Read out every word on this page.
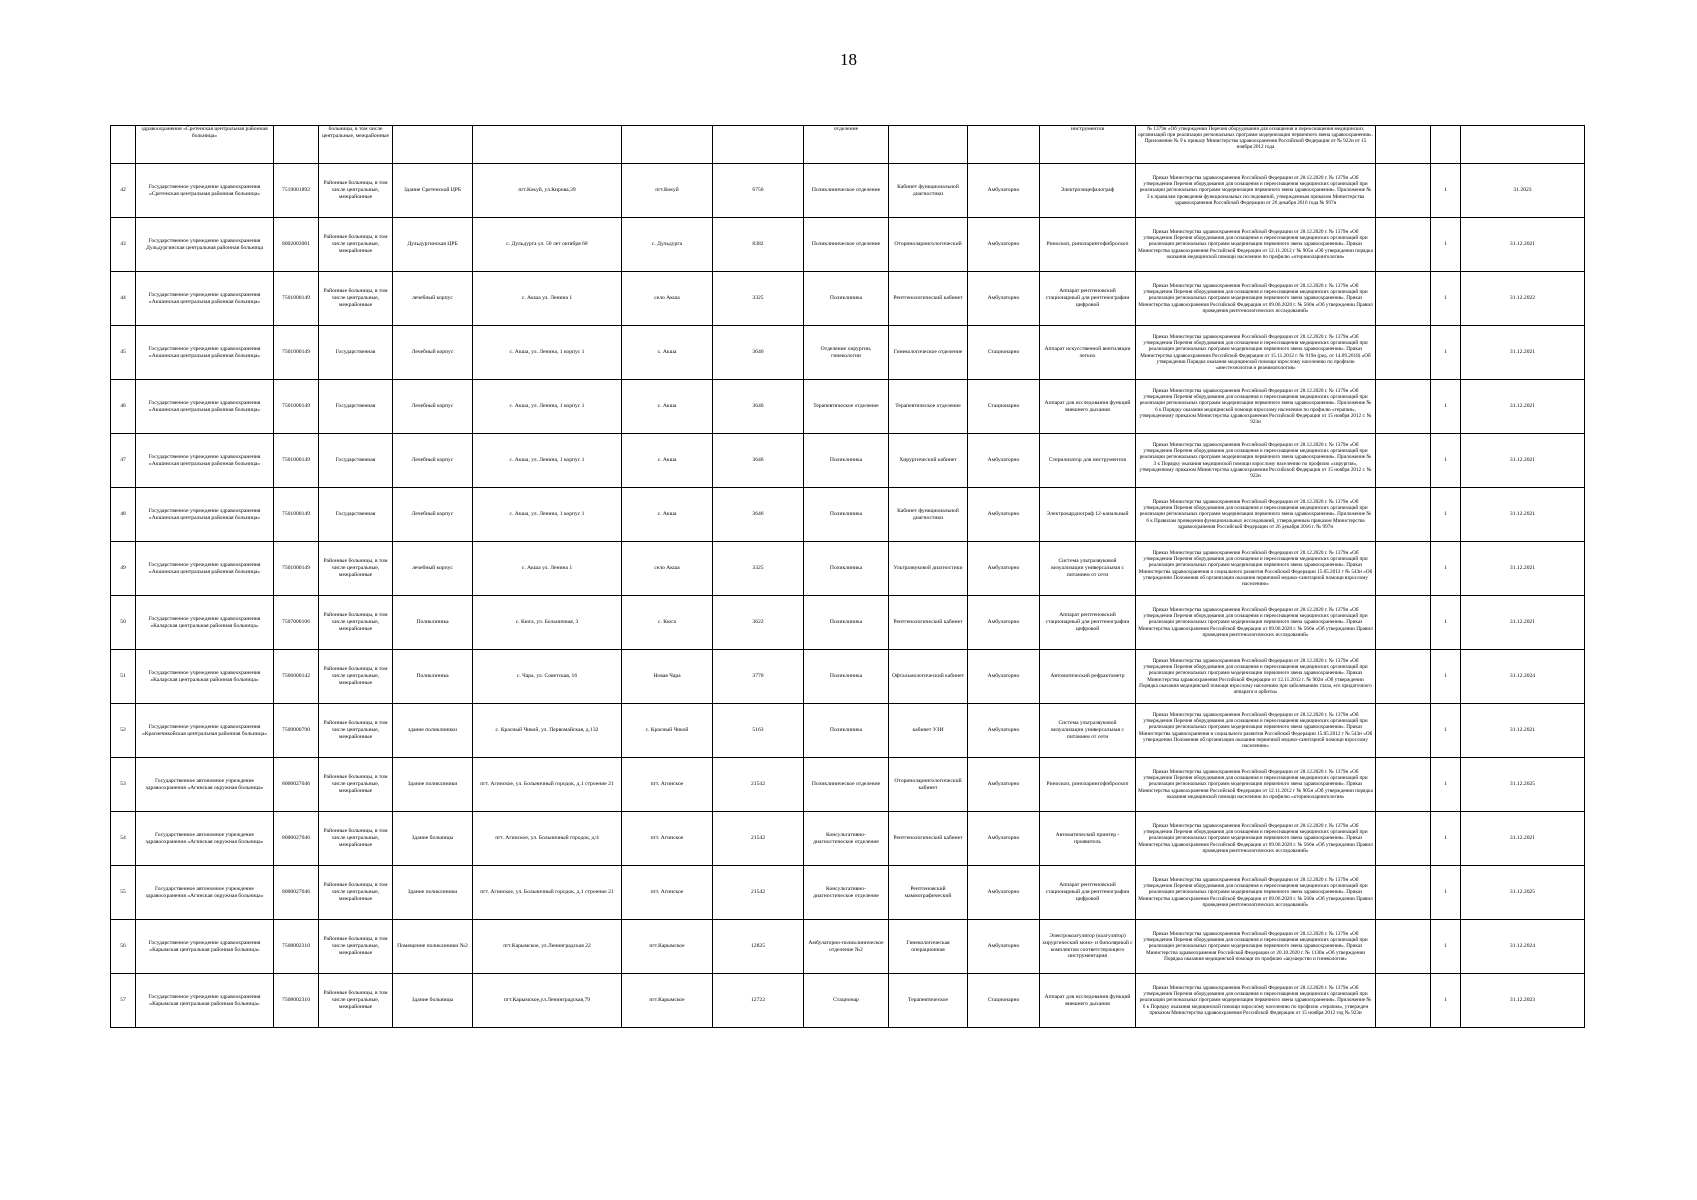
18
	здравоохранения «Сретенская центральная районная больница»		больницы, в том числе центральные, межрайонные					отделение			инструментов	№ 1379н «Об утверждении Перечня оборудования для оснащения и переоснащения медицинских организаций при реализации региональных программ модернизации первичного звена здравоохранения». Приложение № 9 к приказу Министерства здравоохранения Российской Федерации от № 922н от 15 ноября 2012 года			
42	Государственное учреждение здравоохранения «Сретенская центральная районная больница»	7519001892	Районные больницы, в том числе центральные, межрайонные	Здание Сретенской ЦРБ	пгт.Кокуй, ул.Кирова,39	пгт.Кокуй	6756	Поликлиническое отделение	Кабинет функциональной диагностики	Амбулаторно	Электроэнцефалограф	Приказ Министерства здравоохранения Российской Федерации от 28.12.2020 г. № 1379н «Об утверждении Перечня оборудования для оснащения и переоснащения медицинских организаций при реализации региональных программ модернизации первичного звена здравоохранения». Приложение № 3 к правилам проведения функциональных исследований, утвержденным приказом Министерства здравоохранения Российской Федерации от 26 декабря 2016 года № 997н		1	31.2023
43	Государственное учреждение здравоохранения Дульдургинская центральная районная больница	8002003001	Районные больницы, в том числе центральные, межрайонные	Дульдургинская ЦРБ	с. Дульдурга ул. 50 лет октября 68	с. Дульдурга	8382	Поликлиническое отделение	Оториноларингологический	Амбулаторно	Риноскоп, риноларингофиброскоп	Приказ Министерства здравоохранения Российской Федерации от 28.12.2020 г. № 1379н «Об утверждении Перечня оборудования для оснащения и переоснащения медицинских организаций при реализации региональных программ модернизации первичного звена здравоохранения». Приказ Министерства здравоохранения Российской Федерации от 12.11.2012 г № 905н «Об утверждении порядка оказания медицинской помощи населению по профилю «оториноларингология»		1	31.12.2021
44	Государственное учреждение здравоохранения «Акшинская центральная районная больница»	7501000149	Районные больницы, в том числе центральные, межрайонные	лечебный корпус	с. Акша ул. Ленина 1	село Акша	3325	Поликлиника	Рентгенологический кабинет	Амбулаторно	Аппарат рентгеновский стационарный для рентгенографии цифровой	Приказ Министерства здравоохранения Российской Федерации от 28.12.2020 г. № 1379н «Об утверждении Перечня оборудования для оснащения и переоснащения медицинских организаций при реализации региональных программ модернизации первичного звена здравоохранения». Приказ Министерства здравоохранения Российской Федерации от 09.06.2020 г. № 560н «Об утверждении Правил проведения рентгенологических исследований»		1	31.12.2022
45	Государственное учреждение здравоохранения «Акшинская центральная районная больница»	7501000149	Государственная	Лечебный корпус	с. Акша, ул. Ленина, 1 корпус 1	с. Акша	3646	Отделение хирургии, гинекологии	Гинекологическое отделение	Стационарно	Аппарат искусственной вентиляции легких	Приказ Министерства здравоохранения Российской Федерации от 28.12.2020 г. № 1379н «Об утверждении Перечня оборудования для оснащения и переоснащения медицинских организаций при реализации региональных программ модернизации первичного звена здравоохранения». Приказ Министерства здравоохранения Российской Федерации от 15.11.2012 г. № 919н (ред. от 14.09.2018) «Об утверждении Порядка оказания медицинской помощи взрослому населению по профилю «анестезиология и реаниматология»		1	31.12.2021
46	Государственное учреждение здравоохранения «Акшинская центральная районная больница»	7501000149	Государственная	Лечебный корпус	с. Акша, ул. Ленина, 1 корпус 1	с. Акша	3646	Терапевтическое отделение	Терапевтическое отделение	Стационарно	Аппарат для исследования функций внешнего дыхания	Приказ Министерства здравоохранения Российской Федерации от 28.12.2020 г. № 1379н «Об утверждении Перечня оборудования для оснащения и переоснащения медицинских организаций при реализации региональных программ модернизации первичного звена здравоохранения». Приложение № 6 к Порядку оказания медицинской помощи взрослому населению по профилю «терапия», утвержденному приказом Министерства здравоохранения Российской Федерации от 15 ноября 2012 г. № 923н		1	31.12.2021
47	Государственное учреждение здравоохранения «Акшинская центральная районная больница»	7501000149	Государственная	Лечебный корпус	с. Акша, ул. Ленина, 1 корпус 1	с. Акша	3646	Поликлиника	Хирургический кабинет	Амбулаторно	Стерилизатор для инструментов	Приказ Министерства здравоохранения Российской Федерации от 28.12.2020 г. № 1379н «Об утверждении Перечня оборудования для оснащения и переоснащения медицинских организаций при реализации региональных программ модернизации первичного звена здравоохранения». Приложение № 3 к Порядку оказания медицинской помощи взрослому населению по профилю «хирургия», утвержденному приказом Министерства здравоохранения Российской Федерации от 15 ноября 2012 г. № 922н		1	31.12.2021
48	Государственное учреждение здравоохранения «Акшинская центральная районная больница»	7501000149	Государственная	Лечебный корпус	с. Акша, ул. Ленина, 1 корпус 1	с. Акша	3646	Поликлиника	Кабинет функциональной диагностики	Амбулаторно	Электрокардиограф 12-канальный	Приказ Министерства здравоохранения Российской Федерации от 28.12.2020 г. № 1379н «Об утверждении Перечня оборудования для оснащения и переоснащения медицинских организаций при реализации региональных программ модернизации первичного звена здравоохранения». Приложение № 6 к Правилам проведения функциональных исследований, утвержденным приказом Министерства здравоохранения Российской Федерации от 26 декабря 2016 г. № 997н		1	31.12.2021
49	Государственное учреждение здравоохранения «Акшинская центральная районная больница»	7501000149	Районные больницы, в том числе центральные, межрайонные	лечебный корпус	с. Акша ул. Ленина 1	село Акша	3325	Поликлиника	Ультразвуковой диагностики	Амбулаторно	Система ультразвуковой визуализации универсальная с питанием от сети	Приказ Министерства здравоохранения Российской Федерации от 28.12.2020 г. № 1379н «Об утверждении Перечня оборудования для оснащения и переоснащения медицинских организаций при реализации региональных программ модернизации первичного звена здравоохранения». Приказ Министерства здравоохранения и социального развития Российской Федерации 15.05.2012 г № 543н «Об утверждении Положения об организации оказания первичной медико-санитарной помощи взрослому населению»		1	31.12.2021
50	Государственное учреждение здравоохранения «Каларская центральная районная больница»	7507000106	Районные больницы, в том числе центральные, межрайонные	Поликлиника	с. Кюга, ул. Больничная, 3	с. Кюга	3622	Поликлиника	Рентгенологический кабинет	Амбулаторно	Аппарат рентгеновский стационарный для рентгенографии цифровой	Приказ Министерства здравоохранения Российской Федерации от 28.12.2020 г. № 1379н «Об утверждении Перечня оборудования для оснащения и переоснащения медицинских организаций при реализации региональных программ модернизации первичного звена здравоохранения». Приказ Министерства здравоохранения Российской Федерации от 09.06.2020 г. № 560н «Об утверждении Правил проведения рентгенологических исследований»		1	31.12.2021
51	Государственное учреждение здравоохранения «Каларская центральная районная больница»	7506000142	Районные больницы, в том числе центральные, межрайонные	Поликлиника	с. Чара, ул. Советская, 16	Новая Чара	3770	Поликлиника	Офтальмологический кабинет	Амбулаторно	Автоматический рефрактометр	Приказ Министерства здравоохранения Российской Федерации от 28.12.2020 г. № 1379н «Об утверждении Перечня оборудования для оснащения и переоснащения медицинских организаций при реализации региональных программ модернизации первичного звена здравоохранения». Приказ Министерства здравоохранения Российской Федерации от 12.11.2012 г. № 902н «Об утверждении Порядка оказания медицинской помощи взрослому населению при заболеваниях глаза, его придаточного аппарата и орбиты»		1	31.12.2024
52	Государственное учреждение здравоохранения «Краснечикойская центральная районная больница»	7509000790	Районные больницы, в том числе центральные, межрайонные	здание поликлиники	с. Красный Чикой, ул. Первомайская, д.132	с. Красный Чикой	5163	Поликлиника	кабинет УЗИ	Амбулаторно	Система ультразвуковой визуализации универсальная с питанием от сети	Приказ Министерства здравоохранения Российской Федерации от 28.12.2020 г. № 1379н «Об утверждении Перечня оборудования для оснащения и переоснащения медицинских организаций при реализации региональных программ модернизации первичного звена здравоохранения». Приказ Министерства здравоохранения и социального развития Российской Федерации 15.05.2012 г № 543н «Об утверждении Положения об организации оказания первичной медико-санитарной помощи взрослому населению»		1	31.12.2021
53	Государственное автономное учреждение здравоохранения «Агинская окружная больница»	8000027046	Районные больницы, в том числе центральные, межрайонные	Здание поликлиники	пгт. Агинское, ул. Больничный городок, д.1 строение 21	пгт. Агинское	21542	Поликлиническое отделение	Оториноларингологический кабинет	Амбулаторно	Риноскоп, риноларингофиброскоп	Приказ Министерства здравоохранения Российской Федерации от 28.12.2020 г. № 1379н «Об утверждении Перечня оборудования для оснащения и переоснащения медицинских организаций при реализации региональных программ модернизации первичного звена здравоохранения». Приказ Министерства здравоохранения Российской Федерации от 12.11.2012 г № 905н «Об утверждении порядка оказания медицинской помощи населению по профилю «оториноларингология»		1	31.12.2025
54	Государственное автономное учреждение здравоохранения «Агинская окружная больница»	8000027046	Районные больницы, в том числе центральные, межрайонные	Здание больницы	пгт. Агинское, ул. Больничный городок, д/4	пгт. Агинское	21542	Консультативно-диагностическое отделение	Рентгенологический кабинет	Амбулаторно	Автоматический принтер - проявитель	Приказ Министерства здравоохранения Российской Федерации от 28.12.2020 г. № 1379н «Об утверждении Перечня оборудования для оснащения и переоснащения медицинских организаций при реализации региональных программ модернизации первичного звена здравоохранения». Приказ Министерства здравоохранения Российской Федерации от 09.06.2020 г. № 560н «Об утверждении Правил проведения рентгенологических исследований»		1	31.12.2021
55	Государственное автономное учреждение здравоохранения «Агинская окружная больница»	8000027046	Районные больницы, в том числе центральные, межрайонные	Здание поликлиники	пгт. Агинское, ул. Больничный городок, д.1 строение 21	пгт. Агинское	21542	Консультативно-диагностическое отделение	Рентгеновский маммографический	Амбулаторно	Аппарат рентгеновский стационарный для рентгенографии цифровой	Приказ Министерства здравоохранения Российской Федерации от 28.12.2020 г. № 1379н «Об утверждении Перечня оборудования для оснащения и переоснащения медицинских организаций при реализации региональных программ модернизации первичного звена здравоохранения». Приказ Министерства здравоохранения Российской Федерации от 09.06.2020 г. № 560н «Об утверждении Правил проведения рентгенологических исследований»		1	31.12.2025
56	Государственное учреждение здравоохранения «Карымская центральная районная больница»	7508002310	Районные больницы, в том числе центральные, межрайонные	Помещение поликлиники №2	пгт.Карымское, ул.Ленинградская 22	пгт.Карымское	12825	Амбулаторно-поликлиническое отделение №2	Гинекологическая операционная	Амбулаторно	Электрокоагулятор (коагулятор) хирургический моно- и биполярный с комплектом соответствующего инструментария	Приказ Министерства здравоохранения Российской Федерации от 28.12.2020 г. № 1379н «Об утверждении Перечня оборудования для оснащения и переоснащения медицинских организаций при реализации региональных программ модернизации первичного звена здравоохранения». Приказ Министерства здравоохранения Российской Федерации от 20.10.2020 г. № 1130н «Об утверждении Порядка оказания медицинской помощи по профилю «акушерство и гинекология»		1	31.12.2024
57	Государственное учреждение здравоохранения «Карымская центральная районная больница»	7508002310	Районные больницы, в том числе центральные, межрайонные	Здание больницы	пгт.Карымское,ул.Ленинградская,79	пгт.Карымское	12722	Стационар	Терапевтическое	Стационарно	Аппарат для исследования функций внешнего дыхания	Приказ Министерства здравоохранения Российской Федерации от 28.12.2020 г. № 1379н «Об утверждении Перечня оборудования для оснащения и переоснащения медицинских организаций при реализации региональных программ модернизации первичного звена здравоохранения». Приложение № 6 к Порядку оказания медицинской помощи взрослому населению по профилю «терапия», утвержден приказом Министерства здравоохранения Российской Федерации от 15 ноября 2012 год № 923н		1	31.12.2023
